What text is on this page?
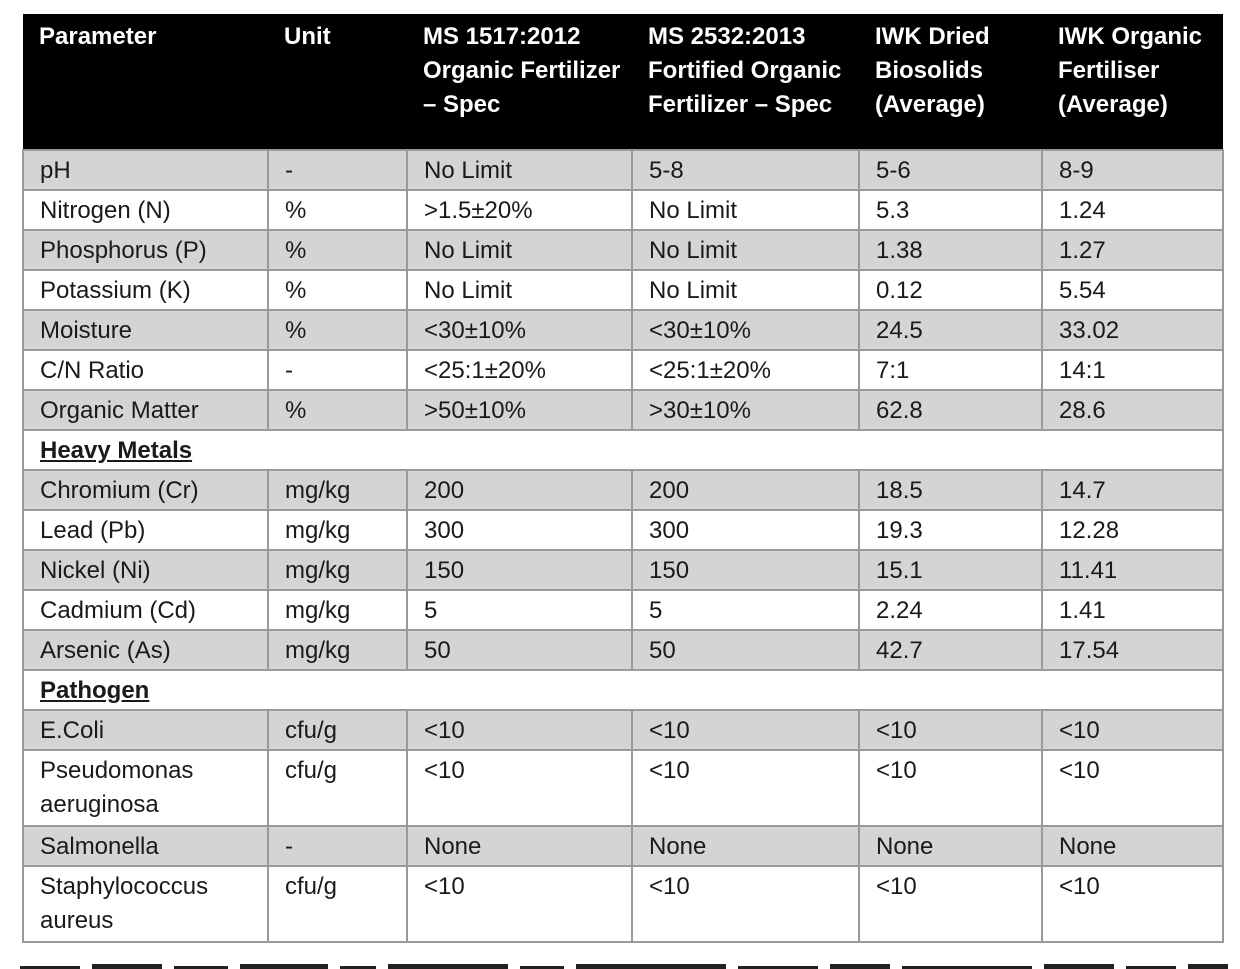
Parameter	Unit	MS 1517:2012 Organic Fertilizer – Spec	MS 2532:2013 Fortified Organic Fertilizer – Spec	IWK Dried Biosolids (Average)	IWK Organic Fertiliser (Average)
pH	-	No Limit	5-8	5-6	8-9
Nitrogen (N)	%	>1.5±20%	No Limit	5.3	1.24
Phosphorus (P)	%	No Limit	No Limit	1.38	1.27
Potassium (K)	%	No Limit	No Limit	0.12	5.54
Moisture	%	<30±10%	<30±10%	24.5	33.02
C/N Ratio	-	<25:1±20%	<25:1±20%	7:1	14:1
Organic Matter	%	>50±10%	>30±10%	62.8	28.6
Heavy Metals					
Chromium (Cr)	mg/kg	200	200	18.5	14.7
Lead (Pb)	mg/kg	300	300	19.3	12.28
Nickel (Ni)	mg/kg	150	150	15.1	11.41
Cadmium (Cd)	mg/kg	5	5	2.24	1.41
Arsenic (As)	mg/kg	50	50	42.7	17.54
Pathogen					
E.Coli	cfu/g	<10	<10	<10	<10
Pseudomonas aeruginosa	cfu/g	<10	<10	<10	<10
Salmonella	-	None	None	None	None
Staphylococcus aureus	cfu/g	<10	<10	<10	<10
